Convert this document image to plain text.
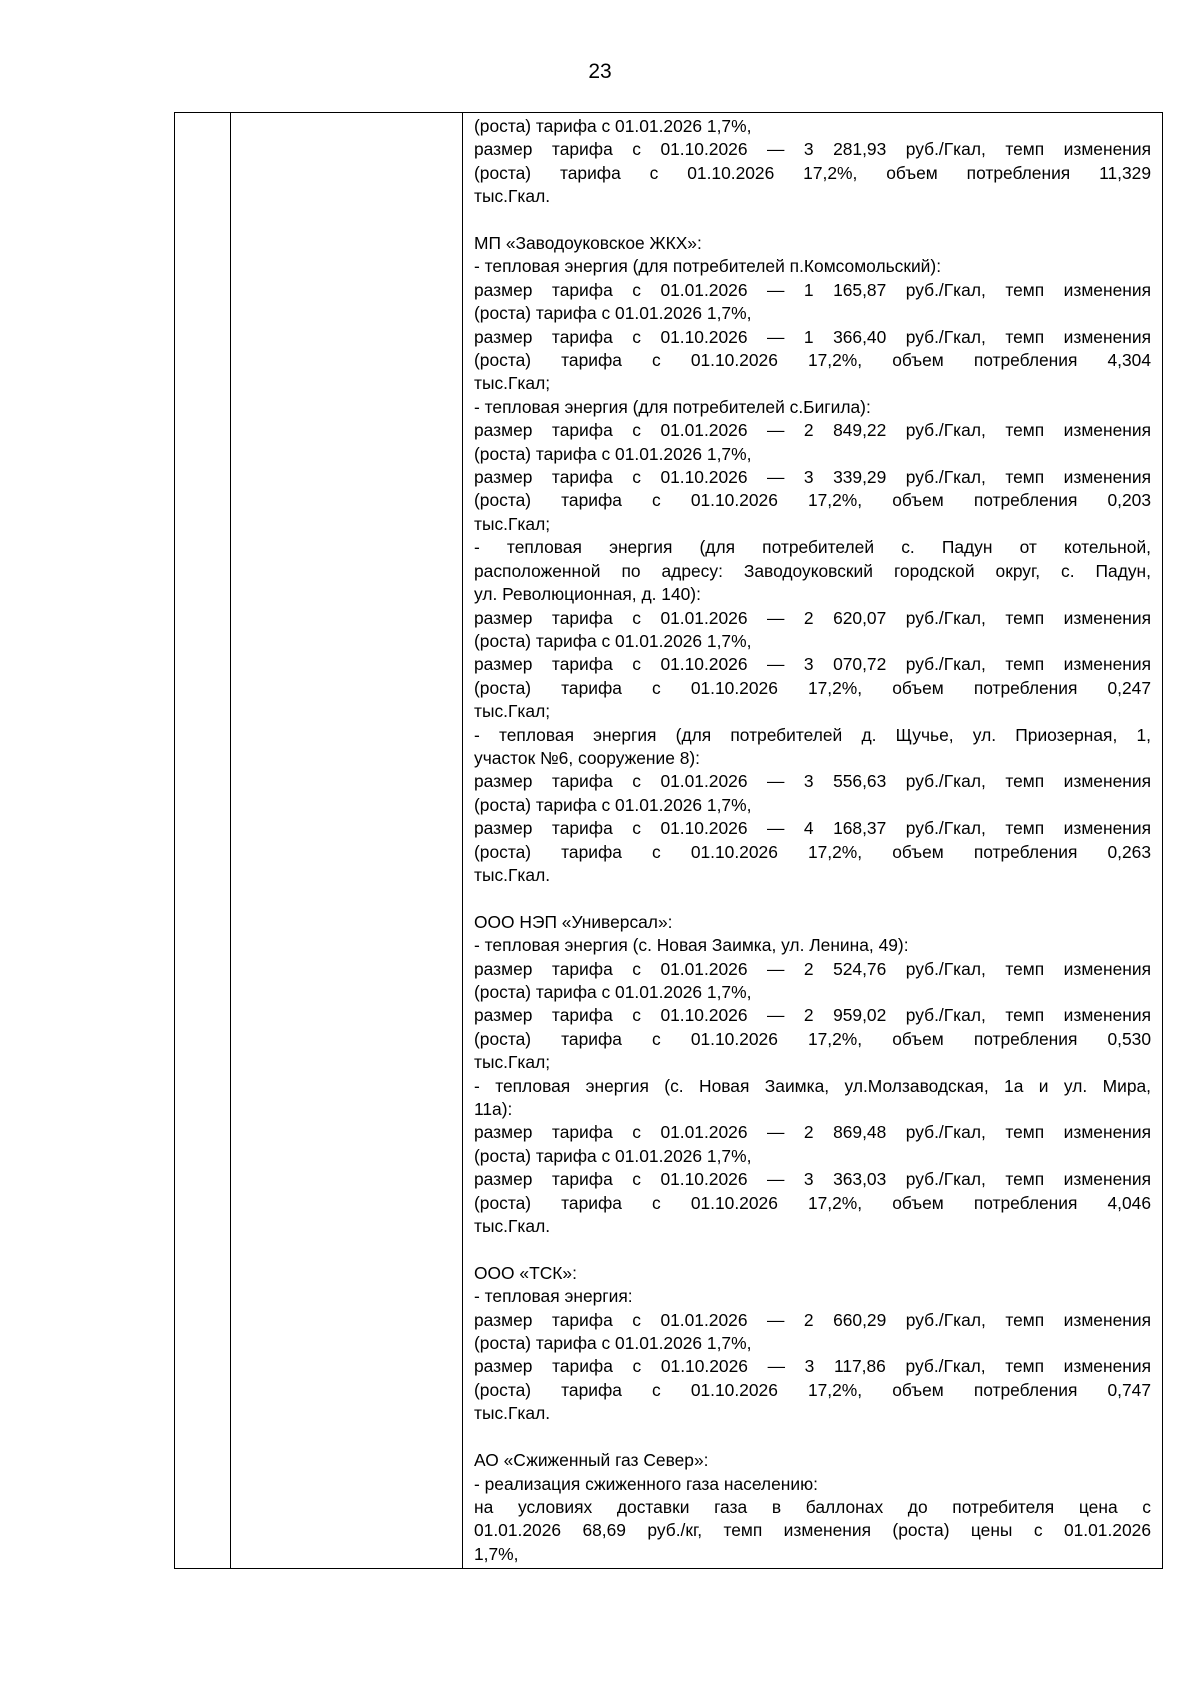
23

(роста) тарифа с 01.01.2026 1,7%,
размер тарифа с 01.10.2026 — 3 281,93 руб./Гкал, темп изменения
(роста) тарифа с 01.10.2026 17,2%, объем потребления 11,329
тыс.Гкал.
МП «Заводоуковское ЖКХ»:
- тепловая энергия (для потребителей п.Комсомольский):
размер тарифа с 01.01.2026 — 1 165,87 руб./Гкал, темп изменения
(роста) тарифа с 01.01.2026 1,7%,
размер тарифа с 01.10.2026 — 1 366,40 руб./Гкал, темп изменения
(роста) тарифа с 01.10.2026 17,2%, объем потребления 4,304
тыс.Гкал;
- тепловая энергия (для потребителей с.Бигила):
размер тарифа с 01.01.2026 — 2 849,22 руб./Гкал, темп изменения
(роста) тарифа с 01.01.2026 1,7%,
размер тарифа с 01.10.2026 — 3 339,29 руб./Гкал, темп изменения
(роста) тарифа с 01.10.2026 17,2%, объем потребления 0,203
тыс.Гкал;
- тепловая энергия (для потребителей с. Падун от котельной,
расположенной по адресу: Заводоуковский городской округ, с. Падун,
ул. Революционная, д. 140):
размер тарифа с 01.01.2026 — 2 620,07 руб./Гкал, темп изменения
(роста) тарифа с 01.01.2026 1,7%,
размер тарифа с 01.10.2026 — 3 070,72 руб./Гкал, темп изменения
(роста) тарифа с 01.10.2026 17,2%, объем потребления 0,247
тыс.Гкал;
- тепловая энергия (для потребителей д. Щучье, ул. Приозерная, 1,
участок №6, сооружение 8):
размер тарифа с 01.01.2026 — 3 556,63 руб./Гкал, темп изменения
(роста) тарифа с 01.01.2026 1,7%,
размер тарифа с 01.10.2026 — 4 168,37 руб./Гкал, темп изменения
(роста) тарифа с 01.10.2026 17,2%, объем потребления 0,263
тыс.Гкал.
ООО НЭП «Универсал»:
- тепловая энергия (с. Новая Заимка, ул. Ленина, 49):
размер тарифа с 01.01.2026 — 2 524,76 руб./Гкал, темп изменения
(роста) тарифа с 01.01.2026 1,7%,
размер тарифа с 01.10.2026 — 2 959,02 руб./Гкал, темп изменения
(роста) тарифа с 01.10.2026 17,2%, объем потребления 0,530
тыс.Гкал;
- тепловая энергия (с. Новая Заимка, ул.Молзаводская, 1а и ул. Мира,
11а):
размер тарифа с 01.01.2026 — 2 869,48 руб./Гкал, темп изменения
(роста) тарифа с 01.01.2026 1,7%,
размер тарифа с 01.10.2026 — 3 363,03 руб./Гкал, темп изменения
(роста) тарифа с 01.10.2026 17,2%, объем потребления 4,046
тыс.Гкал.
ООО «ТСК»:
- тепловая энергия:
размер тарифа с 01.01.2026 — 2 660,29 руб./Гкал, темп изменения
(роста) тарифа с 01.01.2026 1,7%,
размер тарифа с 01.10.2026 — 3 117,86 руб./Гкал, темп изменения
(роста) тарифа с 01.10.2026 17,2%, объем потребления 0,747
тыс.Гкал.
АО «Сжиженный газ Север»:
- реализация сжиженного газа населению:
на условиях доставки газа в баллонах до потребителя цена с
01.01.2026 68,69 руб./кг, темп изменения (роста) цены с 01.01.2026
1,7%,
